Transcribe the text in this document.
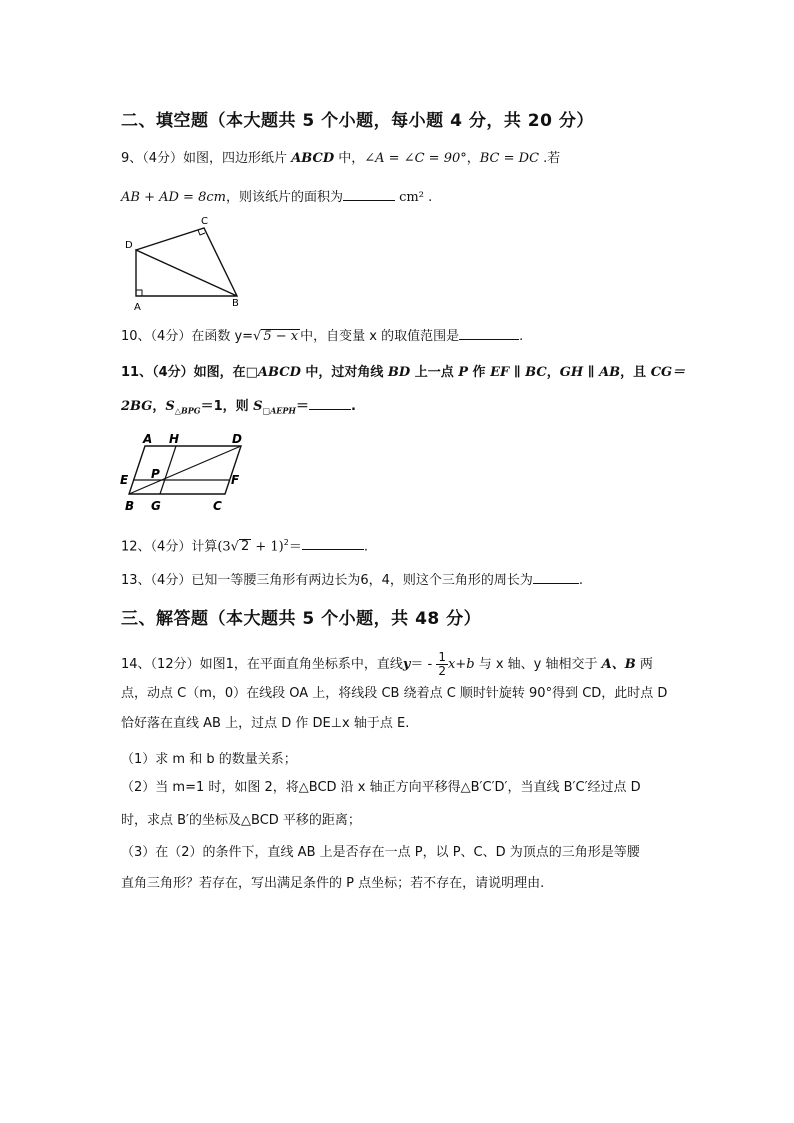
二、填空题（本大题共 5 个小题，每小题 4 分，共 20 分）
9、（4分）如图，四边形纸片 ABCD 中，∠A = ∠C = 90°，BC = DC .若
AB + AD = 8cm，则该纸片的面积为	cm² .
D
C
A	B
10、（4分）在函数 y=√ 5 − x 中，自变量 x 的取值范围是	.
11、（4分）如图，在□ABCD 中，过对角线 BD 上一点 P 作 EF ∥ BC，GH ∥ AB，且 CG＝
2BG，$S_{\triangle BPG}=1$，则 $S_{□AEPH}=$	.
A H	D
P
E	F
B G	C
12、（4分）计算(3√ 2 + 1)$^2$＝	.
13、（4分）已知一等腰三角形有两边长为6，4，则这个三角形的周长为	.
三、解答题（本大题共 5 个小题，共 48 分）
14、（12分）如图1，在平面直角坐标系中，直线$y= - \frac{1}{2} x+b$ 与 x 轴、y 轴相交于 A、B 两
点，动点 C（m，0）在线段 OA 上，将线段 CB 绕着点 C 顺时针旋转 90°得到 CD，此时点 D
恰好落在直线 AB 上，过点 D 作 DE⊥x 轴于点 E.
（1）求 m 和 b 的数量关系；
（2）当 m=1 时，如图 2，将△BCD 沿 x 轴正方向平移得△B′C′D′，当直线 B′C′经过点 D
时，求点 B′的坐标及△BCD 平移的距离；
（3）在（2）的条件下，直线 AB 上是否存在一点 P，以 P、C、D 为顶点的三角形是等腰
直角三角形？若存在，写出满足条件的 P 点坐标；若不存在，请说明理由.
